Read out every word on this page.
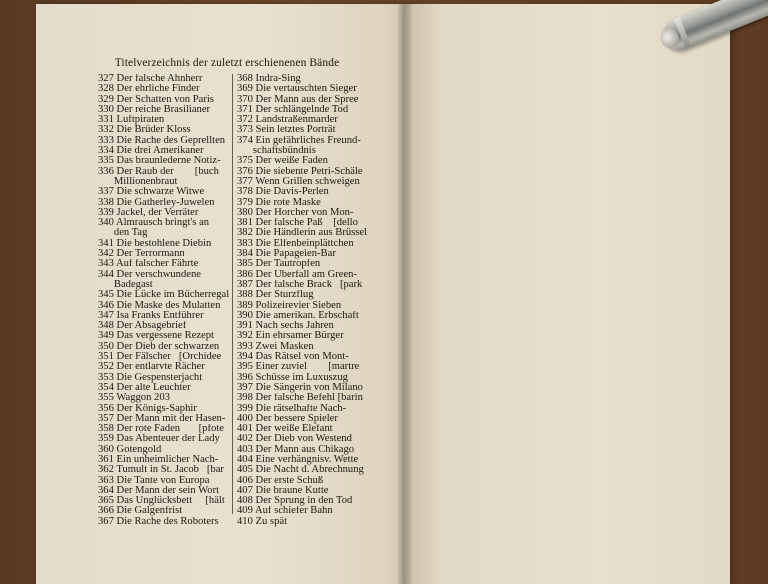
Titelverzeichnis der zuletzt erschienenen Bände
327 Der falsche Ahnherr
328 Der ehrliche Finder
329 Der Schatten von Paris
330 Der reiche Brasilianer
331 Luftpiraten
332 Die Brüder Kloss
333 Die Rache des Geprellten
334 Die drei Amerikaner
335 Das braunlederne Notiz-
336 Der Raub der        [buch
Millionenbraut
337 Die schwarze Witwe
338 Die Gatherley-Juwelen
339 Jackel, der Verräter
340 Almrausch bringt's an
den Tag
341 Die bestohlene Diebin
342 Der Terrormann
343 Auf falscher Fährte
344 Der verschwundene
Badegast
345 Die Lücke im Bücherregal
346 Die Maske des Mulatten
347 Isa Franks Entführer
348 Der Absagebrief
349 Das vergessene Rezept
350 Der Dieb der schwarzen
351 Der Fälscher   [Orchidee
352 Der entlarvte Rächer
353 Die Gespensterjacht
354 Der alte Leuchter
355 Waggon 203
356 Der Königs-Saphir
357 Der Mann mit der Hasen-
358 Der rote Faden       [pfote
359 Das Abenteuer der Lady
360 Gotengold
361 Ein unheimlicher Nach-
362 Tumult in St. Jacob   [bar
363 Die Tante von Europa
364 Der Mann der sein Wort
365 Das Unglücksbett     [hält
366 Die Galgenfrist
367 Die Rache des Roboters
368 Indra-Sing
369 Die vertauschten Sieger
370 Der Mann aus der Spree
371 Der schlängelnde Tod
372 Landstraßenmarder
373 Sein letztes Porträt
374 Ein gefährliches Freund-
schaftsbündnis
375 Der weiße Faden
376 Die siebente Petri-Schäle
377 Wenn Grillen schweigen
378 Die Davis-Perlen
379 Die rote Maske
380 Der Horcher von Mon-
381 Der falsche Paß    [dello
382 Die Händlerin aus Brüssel
383 Die Elfenbeinplättchen
384 Die Papageien-Bar
385 Der Tautropfen
386 Der Überfall am Green-
387 Der falsche Brack   [park
388 Der Sturzflug
389 Polizeirevier Sieben
390 Die amerikan. Erbschaft
391 Nach sechs Jahren
392 Ein ehrsamer Bürger
393 Zwei Masken
394 Das Rätsel von Mont-
395 Einer zuviel        [martre
396 Schüsse im Luxuszug
397 Die Sängerin von Milano
398 Der falsche Befehl [barin
399 Die rätselhafte Nach-
400 Der bessere Spieler
401 Der weiße Elefant
402 Der Dieb von Westend
403 Der Mann aus Chikago
404 Eine verhängnisv. Wette
405 Die Nacht d. Abrechnung
406 Der erste Schuß
407 Die braune Kutte
408 Der Sprung in den Tod
409 Auf schiefer Bahn
410 Zu spät
